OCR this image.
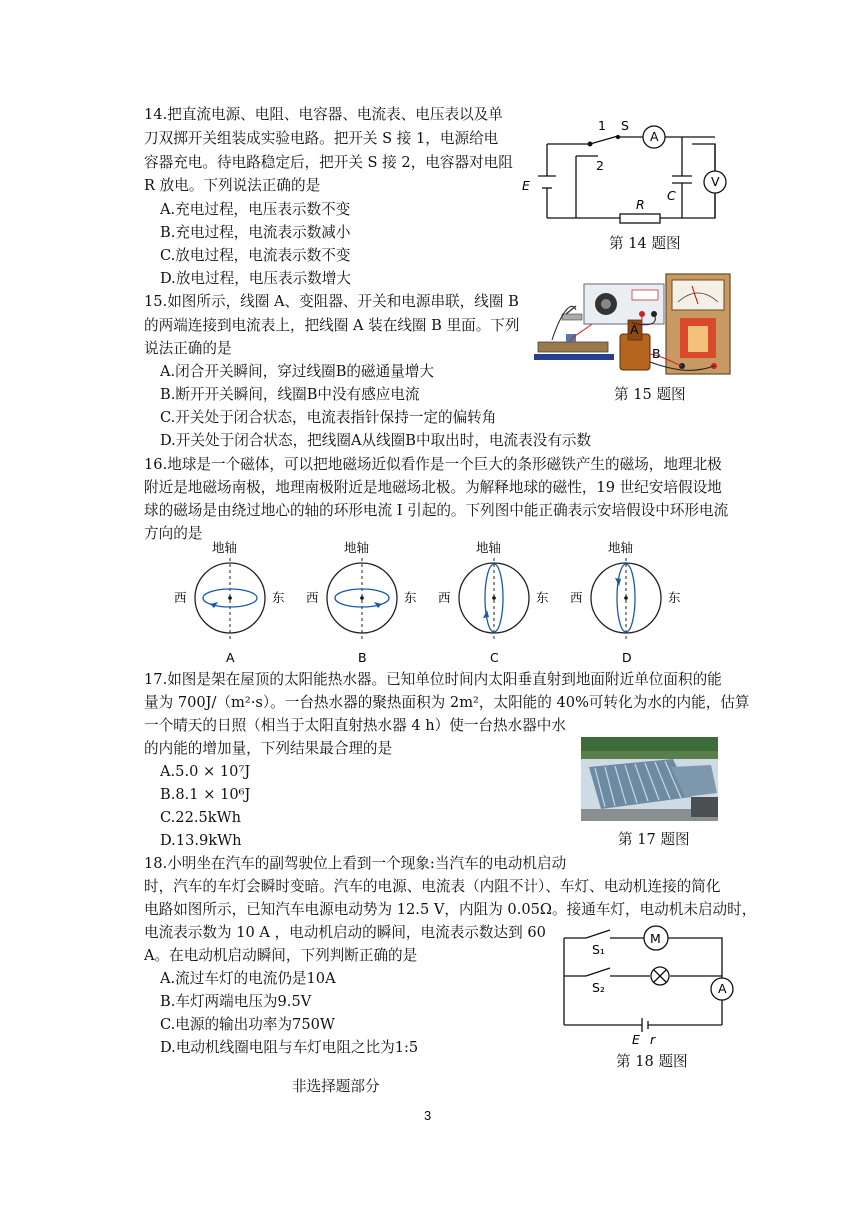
14.把直流电源、电阻、电容器、电流表、电压表以及单
刀双掷开关组装成实验电路。把开关 S 接 1，电源给电
容器充电。待电路稳定后，把开关 S 接 2，电容器对电阻
R 放电。下列说法正确的是
A.充电过程，电压表示数不变
B.充电过程，电流表示数减小
C.放电过程，电流表示数不变
D.放电过程，电压表示数增大
1 S
2
A
V
C
R
E
第 14 题图
15.如图所示，线圈 A、变阻器、开关和电源串联，线圈 B
的两端连接到电流表上，把线圈 A 装在线圈 B 里面。下列
说法正确的是
A.闭合开关瞬间，穿过线圈B的磁通量增大
B.断开开关瞬间，线圈B中没有感应电流
C.开关处于闭合状态，电流表指针保持一定的偏转角
D.开关处于闭合状态，把线圈A从线圈B中取出时，电流表没有示数
A
B
第 15 题图
16.地球是一个磁体，可以把地磁场近似看作是一个巨大的条形磁铁产生的磁场，地理北极
附近是地磁场南极，地理南极附近是地磁场北极。为解释地球的磁性，19 世纪安培假设地
球的磁场是由绕过地心的轴的环形电流 I 引起的。下列图中能正确表示安培假设中环形电流
方向的是
地轴
西	东
A
地轴
西	东
B
地轴
西	东
C
地轴
西	东
D
17.如图是架在屋顶的太阳能热水器。已知单位时间内太阳垂直射到地面附近单位面积的能
量为 700J/（m²·s）。一台热水器的聚热面积为 2m²，太阳能的 40%可转化为水的内能，估算
一个晴天的日照（相当于太阳直射热水器 4 h）使一台热水器中水
的内能的增加量，下列结果最合理的是
A.5.0 × 10⁷J
B.8.1 × 10⁶J
C.22.5kWh
D.13.9kWh	第 17 题图
18.小明坐在汽车的副驾驶位上看到一个现象:当汽车的电动机启动
时，汽车的车灯会瞬时变暗。汽车的电源、电流表（内阻不计）、车灯、电动机连接的简化
电路如图所示，已知汽车电源电动势为 12.5 V，内阻为 0.05Ω。接通车灯，电动机未启动时，
电流表示数为 10 A ，电动机启动的瞬间，电流表示数达到 60
A。在电动机启动瞬间，下列判断正确的是
A.流过车灯的电流仍是10A
B.车灯两端电压为9.5V
C.电源的输出功率为750W
D.电动机线圈电阻与车灯电阻之比为1:5
M
A
S₁
S₂
E r
第 18 题图
非选择题部分
3
